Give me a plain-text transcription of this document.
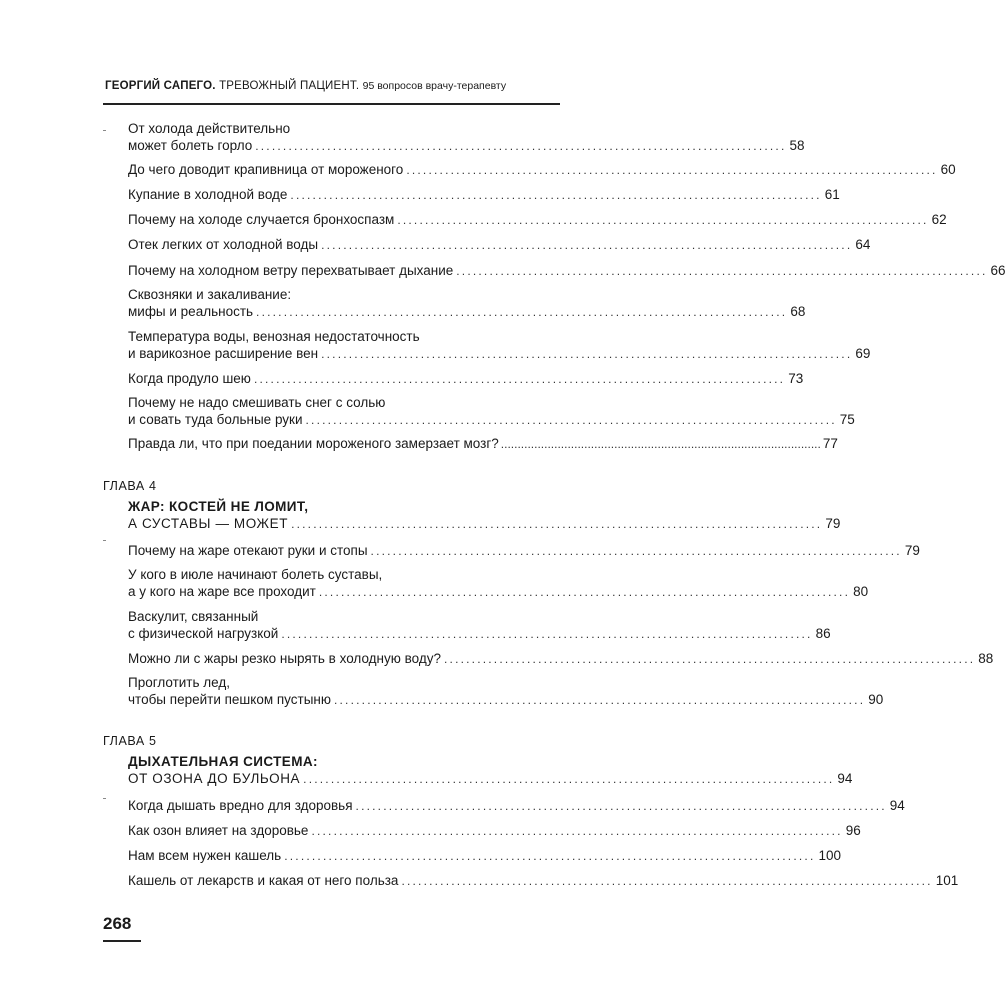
ГЕОРГИЙ САПЕГО. ТРЕВОЖНЫЙ ПАЦИЕНТ. 95 вопросов врачу-терапевту
От холода действительно
может болеть горло ................................................................................................ 58
До чего доводит крапивница от мороженого ................................................................................................ 60
Купание в холодной воде ................................................................................................ 61
Почему на холоде случается бронхоспазм ................................................................................................ 62
Отек легких от холодной воды ................................................................................................ 64
Почему на холодном ветру перехватывает дыхание ................................................................................................ 66
Сквозняки и закаливание:
мифы и реальность ................................................................................................ 68
Температура воды, венозная недостаточность
и варикозное расширение вен ................................................................................................ 69
Когда продуло шею ................................................................................................ 73
Почему не надо смешивать снег с солью
и совать туда больные руки ................................................................................................ 75
Правда ли, что при поедании мороженого замерзает мозг? ................................................................................................ 77
ЖАР: КОСТЕЙ НЕ ЛОМИТ,
А СУСТАВЫ — МОЖЕТ ................................................................................................ 79
Почему на жаре отекают руки и стопы ................................................................................................ 79
У кого в июле начинают болеть суставы,
а у кого на жаре все проходит ................................................................................................ 80
Васкулит, связанный
с физической нагрузкой ................................................................................................ 86
Можно ли с жары резко нырять в холодную воду? ................................................................................................ 88
Проглотить лед,
чтобы перейти пешком пустыню ................................................................................................ 90
ДЫХАТЕЛЬНАЯ СИСТЕМА:
ОТ ОЗОНА ДО БУЛЬОНА ................................................................................................ 94
Когда дышать вредно для здоровья ................................................................................................ 94
Как озон влияет на здоровье ................................................................................................ 96
Нам всем нужен кашель ................................................................................................ 100
Кашель от лекарств и какая от него польза ................................................................................................ 101
ГЛАВА 4
ГЛАВА 5
268
